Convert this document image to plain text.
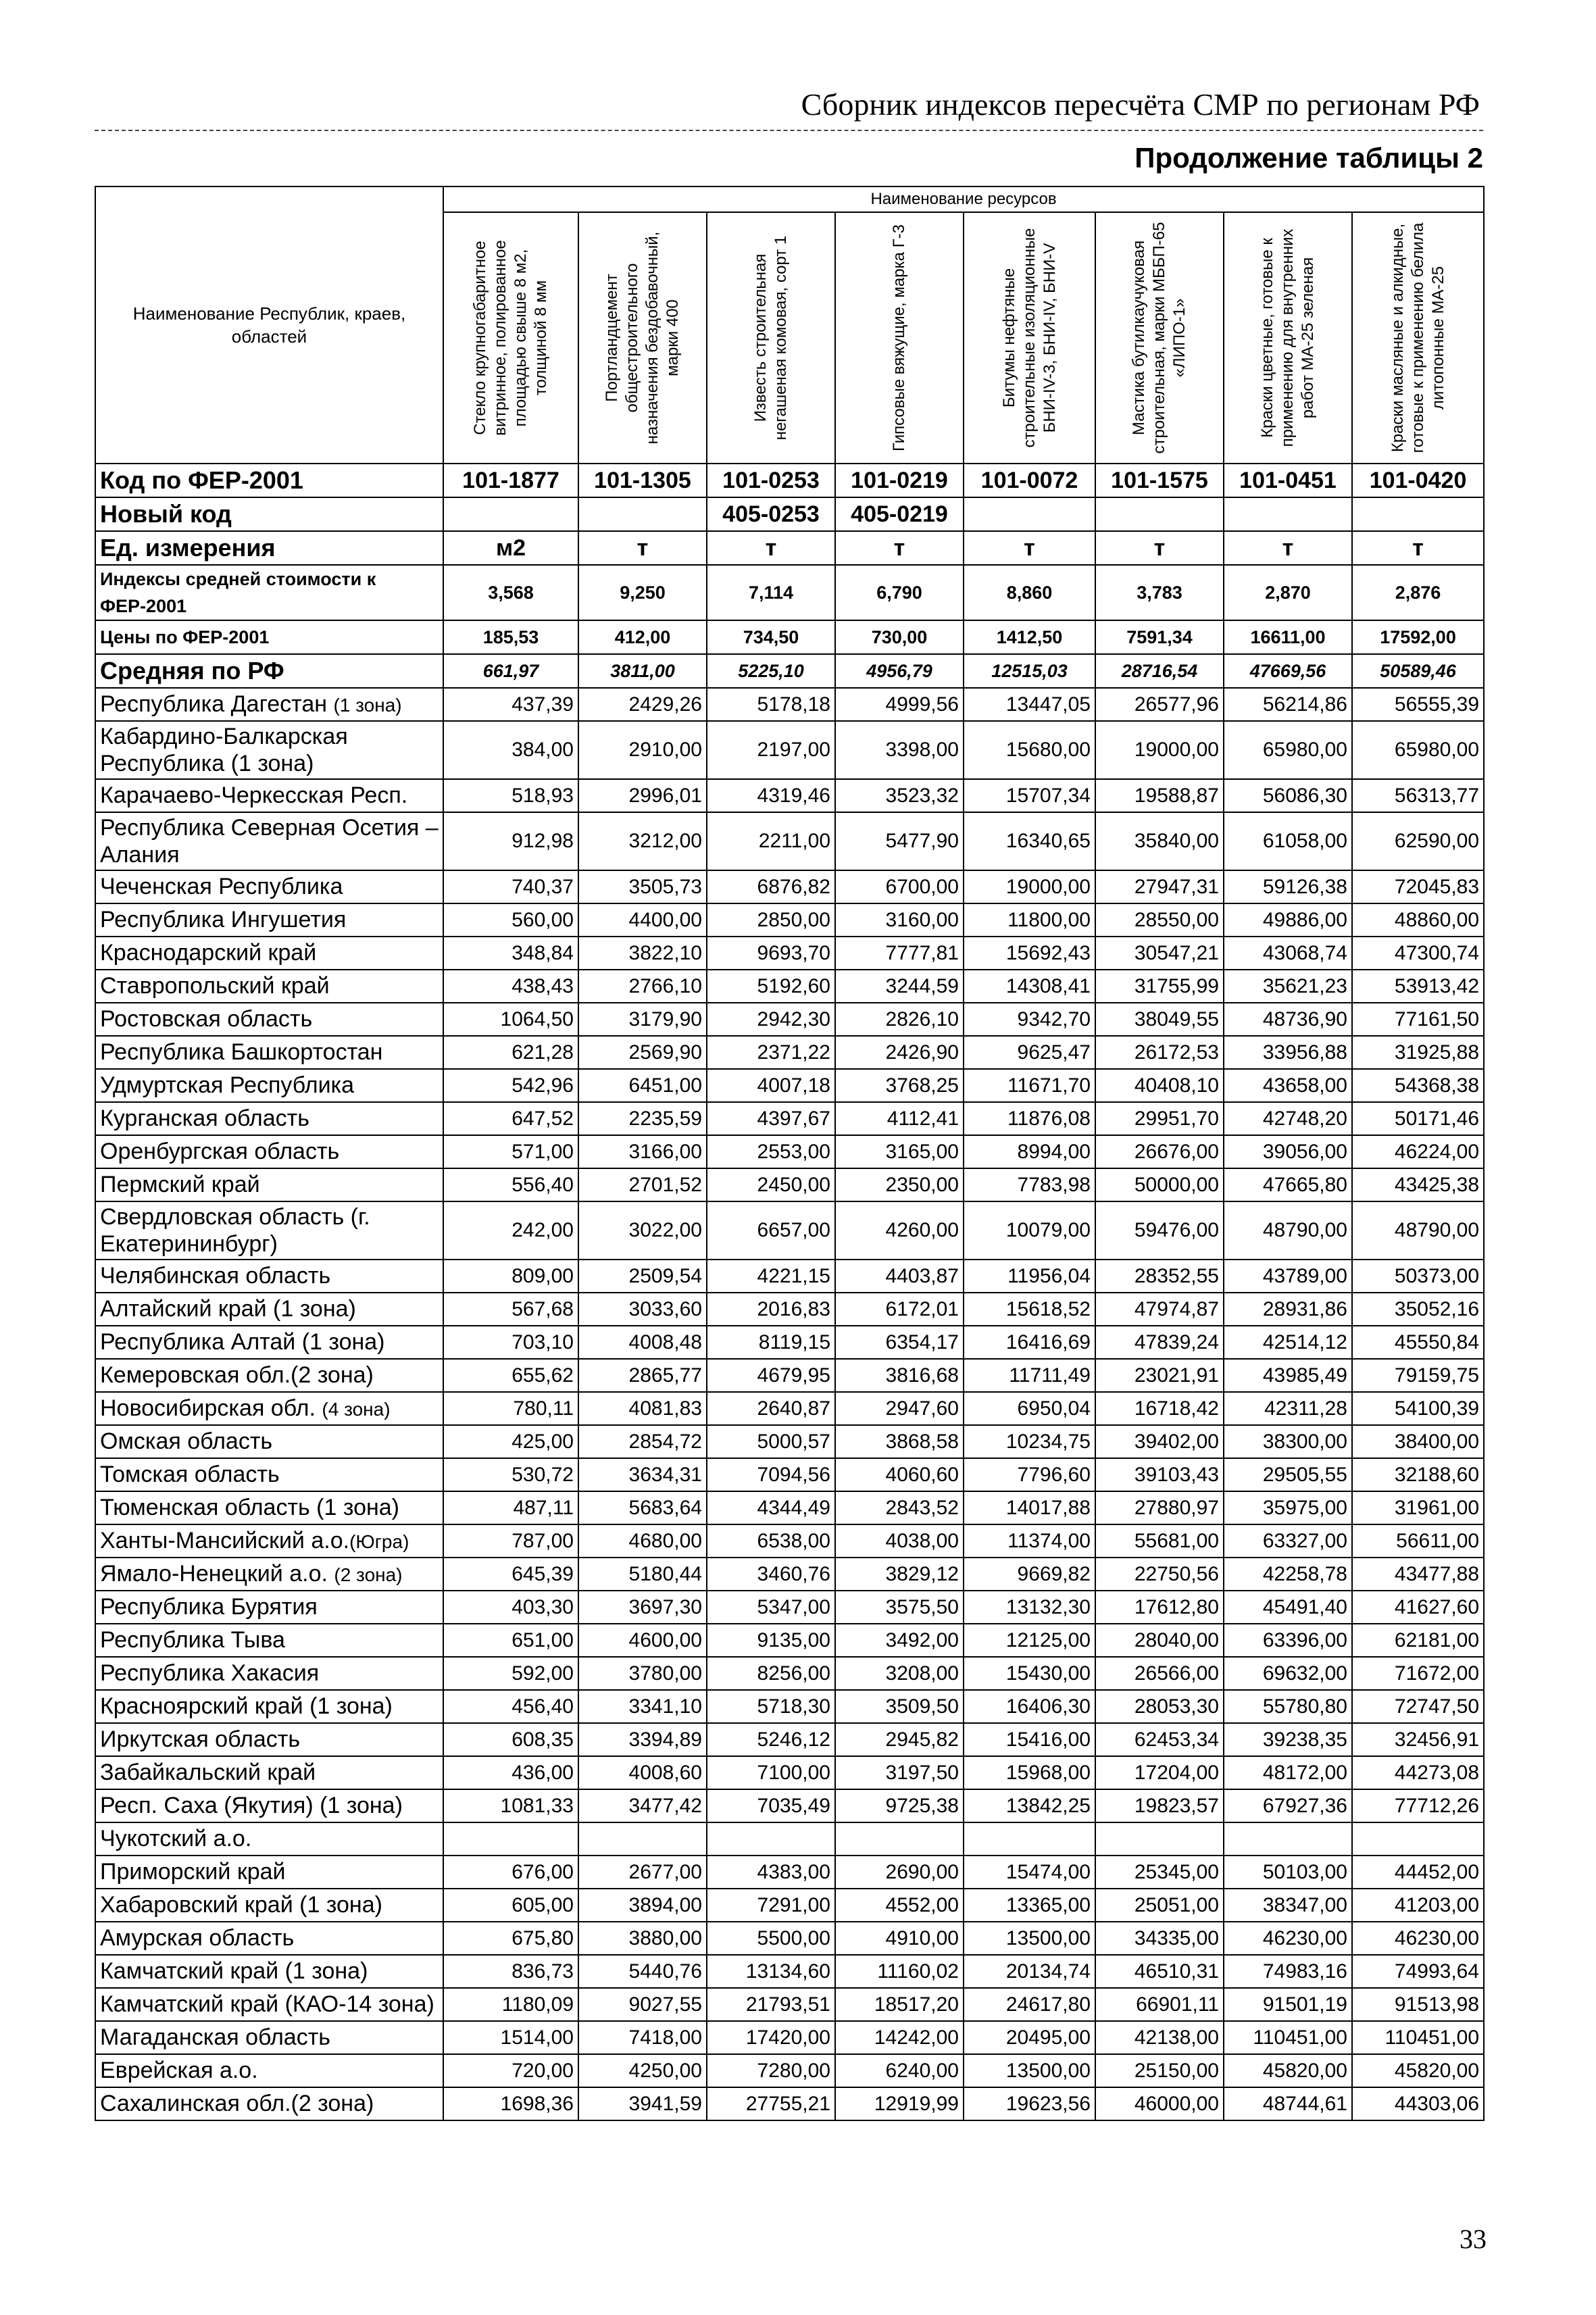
Сборник индексов пересчёта СМР по регионам РФ
Продолжение таблицы 2
Наименование Республик, краев, областей	Наименование ресурсов							

	Стекло крупногабаритное витринное, полированное площадью свыше 8 м2, толщиной 8 мм	Портландцемент общестроительного назначения бездобавочный, марки 400	Известь строительная негашеная комовая, сорт 1	Гипсовые вяжущие, марка Г-3	Битумы нефтяные строительные изоляционные БНИ-IV-3, БНИ-IV, БНИ-V	Мастика бутилкаучуковая строительная, марки МББП-65 «ЛИПО-1»	Краски цветные, готовые к применению для внутренних работ МА-25 зеленая	Краски масляные и алкидные, готовые к применению белила литопонные МА-25

Код по ФЕР-2001	101-1877	101-1305	101-0253	101-0219	101-0072	101-1575	101-0451	101-0420
Новый код			405-0253	405-0219				
Ед. измерения	м2	т	т	т	т	т	т	т
Индексы средней стоимости к ФЕР-2001	3,568	9,250	7,114	6,790	8,860	3,783	2,870	2,876
Цены по ФЕР-2001	185,53	412,00	734,50	730,00	1412,50	7591,34	16611,00	17592,00
Средняя по РФ	661,97	3811,00	5225,10	4956,79	12515,03	28716,54	47669,56	50589,46
Республика Дагестан (1 зона)	437,39	2429,26	5178,18	4999,56	13447,05	26577,96	56214,86	56555,39
Кабардино-Балкарская Республика (1 зона)	384,00	2910,00	2197,00	3398,00	15680,00	19000,00	65980,00	65980,00
Карачаево-Черкесская Респ.	518,93	2996,01	4319,46	3523,32	15707,34	19588,87	56086,30	56313,77
Республика Северная Осетия – Алания	912,98	3212,00	2211,00	5477,90	16340,65	35840,00	61058,00	62590,00
Чеченская Республика	740,37	3505,73	6876,82	6700,00	19000,00	27947,31	59126,38	72045,83
Республика Ингушетия	560,00	4400,00	2850,00	3160,00	11800,00	28550,00	49886,00	48860,00
Краснодарский край	348,84	3822,10	9693,70	7777,81	15692,43	30547,21	43068,74	47300,74
Ставропольский край	438,43	2766,10	5192,60	3244,59	14308,41	31755,99	35621,23	53913,42
Ростовская область	1064,50	3179,90	2942,30	2826,10	9342,70	38049,55	48736,90	77161,50
Республика Башкортостан	621,28	2569,90	2371,22	2426,90	9625,47	26172,53	33956,88	31925,88
Удмуртская Республика	542,96	6451,00	4007,18	3768,25	11671,70	40408,10	43658,00	54368,38
Курганская область	647,52	2235,59	4397,67	4112,41	11876,08	29951,70	42748,20	50171,46
Оренбургская область	571,00	3166,00	2553,00	3165,00	8994,00	26676,00	39056,00	46224,00
Пермский край	556,40	2701,52	2450,00	2350,00	7783,98	50000,00	47665,80	43425,38
Свердловская область (г. Екатерининбург)	242,00	3022,00	6657,00	4260,00	10079,00	59476,00	48790,00	48790,00
Челябинская область	809,00	2509,54	4221,15	4403,87	11956,04	28352,55	43789,00	50373,00
Алтайский край (1 зона)	567,68	3033,60	2016,83	6172,01	15618,52	47974,87	28931,86	35052,16
Республика Алтай (1 зона)	703,10	4008,48	8119,15	6354,17	16416,69	47839,24	42514,12	45550,84
Кемеровская обл.(2 зона)	655,62	2865,77	4679,95	3816,68	11711,49	23021,91	43985,49	79159,75
Новосибирская обл. (4 зона)	780,11	4081,83	2640,87	2947,60	6950,04	16718,42	42311,28	54100,39
Омская область	425,00	2854,72	5000,57	3868,58	10234,75	39402,00	38300,00	38400,00
Томская область	530,72	3634,31	7094,56	4060,60	7796,60	39103,43	29505,55	32188,60
Тюменская область (1 зона)	487,11	5683,64	4344,49	2843,52	14017,88	27880,97	35975,00	31961,00
Ханты-Мансийский а.о.(Югра)	787,00	4680,00	6538,00	4038,00	11374,00	55681,00	63327,00	56611,00
Ямало-Ненецкий а.о. (2 зона)	645,39	5180,44	3460,76	3829,12	9669,82	22750,56	42258,78	43477,88
Республика Бурятия	403,30	3697,30	5347,00	3575,50	13132,30	17612,80	45491,40	41627,60
Республика Тыва	651,00	4600,00	9135,00	3492,00	12125,00	28040,00	63396,00	62181,00
Республика Хакасия	592,00	3780,00	8256,00	3208,00	15430,00	26566,00	69632,00	71672,00
Красноярский край (1 зона)	456,40	3341,10	5718,30	3509,50	16406,30	28053,30	55780,80	72747,50
Иркутская область	608,35	3394,89	5246,12	2945,82	15416,00	62453,34	39238,35	32456,91
Забайкальский край	436,00	4008,60	7100,00	3197,50	15968,00	17204,00	48172,00	44273,08
Респ. Саха (Якутия) (1 зона)	1081,33	3477,42	7035,49	9725,38	13842,25	19823,57	67927,36	77712,26
Чукотский а.о.								
Приморский край	676,00	2677,00	4383,00	2690,00	15474,00	25345,00	50103,00	44452,00
Хабаровский край (1 зона)	605,00	3894,00	7291,00	4552,00	13365,00	25051,00	38347,00	41203,00
Амурская область	675,80	3880,00	5500,00	4910,00	13500,00	34335,00	46230,00	46230,00
Камчатский край (1 зона)	836,73	5440,76	13134,60	11160,02	20134,74	46510,31	74983,16	74993,64
Камчатский край (КАО-14 зона)	1180,09	9027,55	21793,51	18517,20	24617,80	66901,11	91501,19	91513,98
Магаданская область	1514,00	7418,00	17420,00	14242,00	20495,00	42138,00	110451,00	110451,00
Еврейская а.о.	720,00	4250,00	7280,00	6240,00	13500,00	25150,00	45820,00	45820,00
Сахалинская обл.(2 зона)	1698,36	3941,59	27755,21	12919,99	19623,56	46000,00	48744,61	44303,06
33
